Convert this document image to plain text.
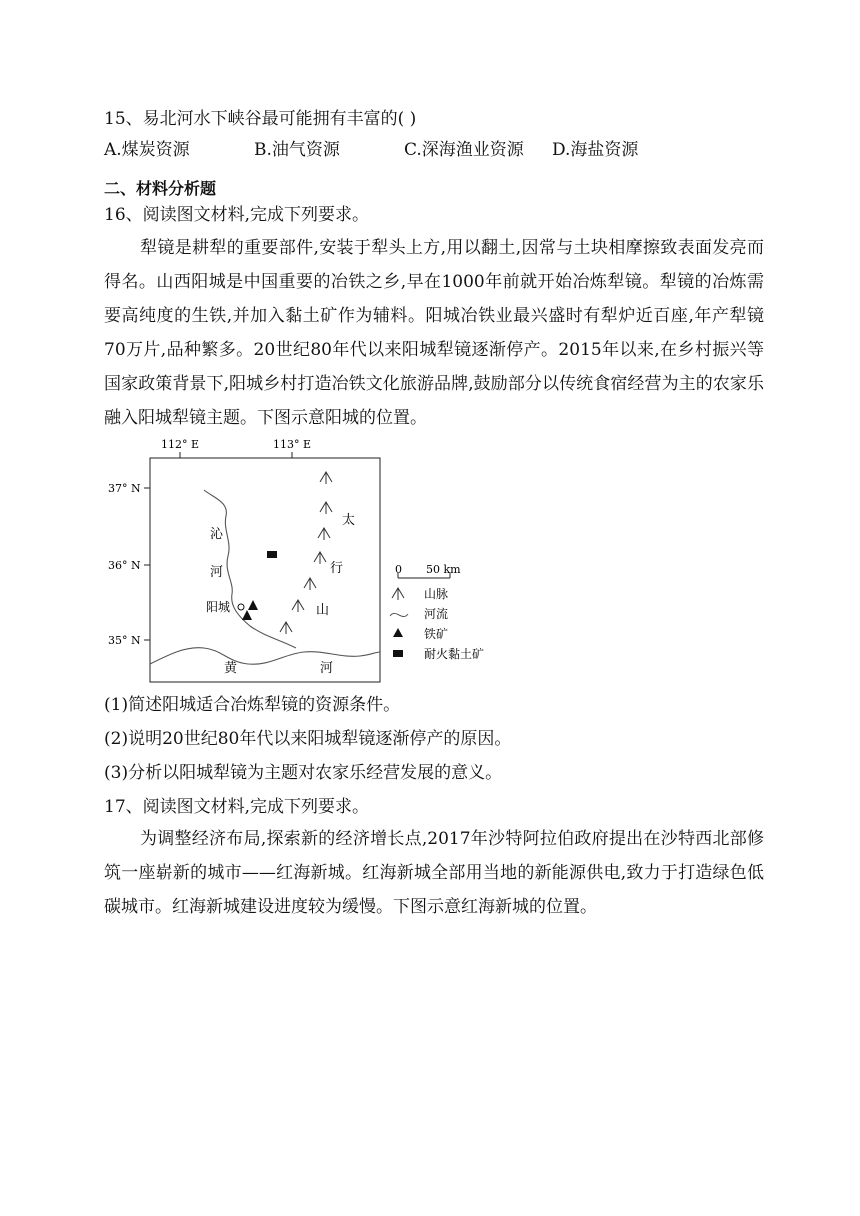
15、易北河水下峡谷最可能拥有丰富的( )
A.煤炭资源	B.油气资源	C.深海渔业资源 D.海盐资源
二、材料分析题
16、阅读图文材料,完成下列要求。
犁镜是耕犁的重要部件,安装于犁头上方,用以翻土,因常与土块相摩擦致表面发亮而得名。山西阳城是中国重要的冶铁之乡,早在1000年前就开始冶炼犁镜。犁镜的冶炼需要高纯度的生铁,并加入黏土矿作为辅料。阳城冶铁业最兴盛时有犁炉近百座,年产犁镜70万片,品种繁多。20世纪80年代以来阳城犁镜逐渐停产。2015年以来,在乡村振兴等国家政策背景下,阳城乡村打造冶铁文化旅游品牌,鼓励部分以传统食宿经营为主的农家乐融入阳城犁镜主题。下图示意阳城的位置。
112° E	113° E
37° N
36° N
35° N
沁
河
黄	河
太
行
山
阳城
0 50 km
山脉
河流
铁矿
耐火黏土矿
(1)简述阳城适合冶炼犁镜的资源条件。
(2)说明20世纪80年代以来阳城犁镜逐渐停产的原因。
(3)分析以阳城犁镜为主题对农家乐经营发展的意义。
17、阅读图文材料,完成下列要求。
为调整经济布局,探索新的经济增长点,2017年沙特阿拉伯政府提出在沙特西北部修筑一座崭新的城市——红海新城。红海新城全部用当地的新能源供电,致力于打造绿色低碳城市。红海新城建设进度较为缓慢。下图示意红海新城的位置。
